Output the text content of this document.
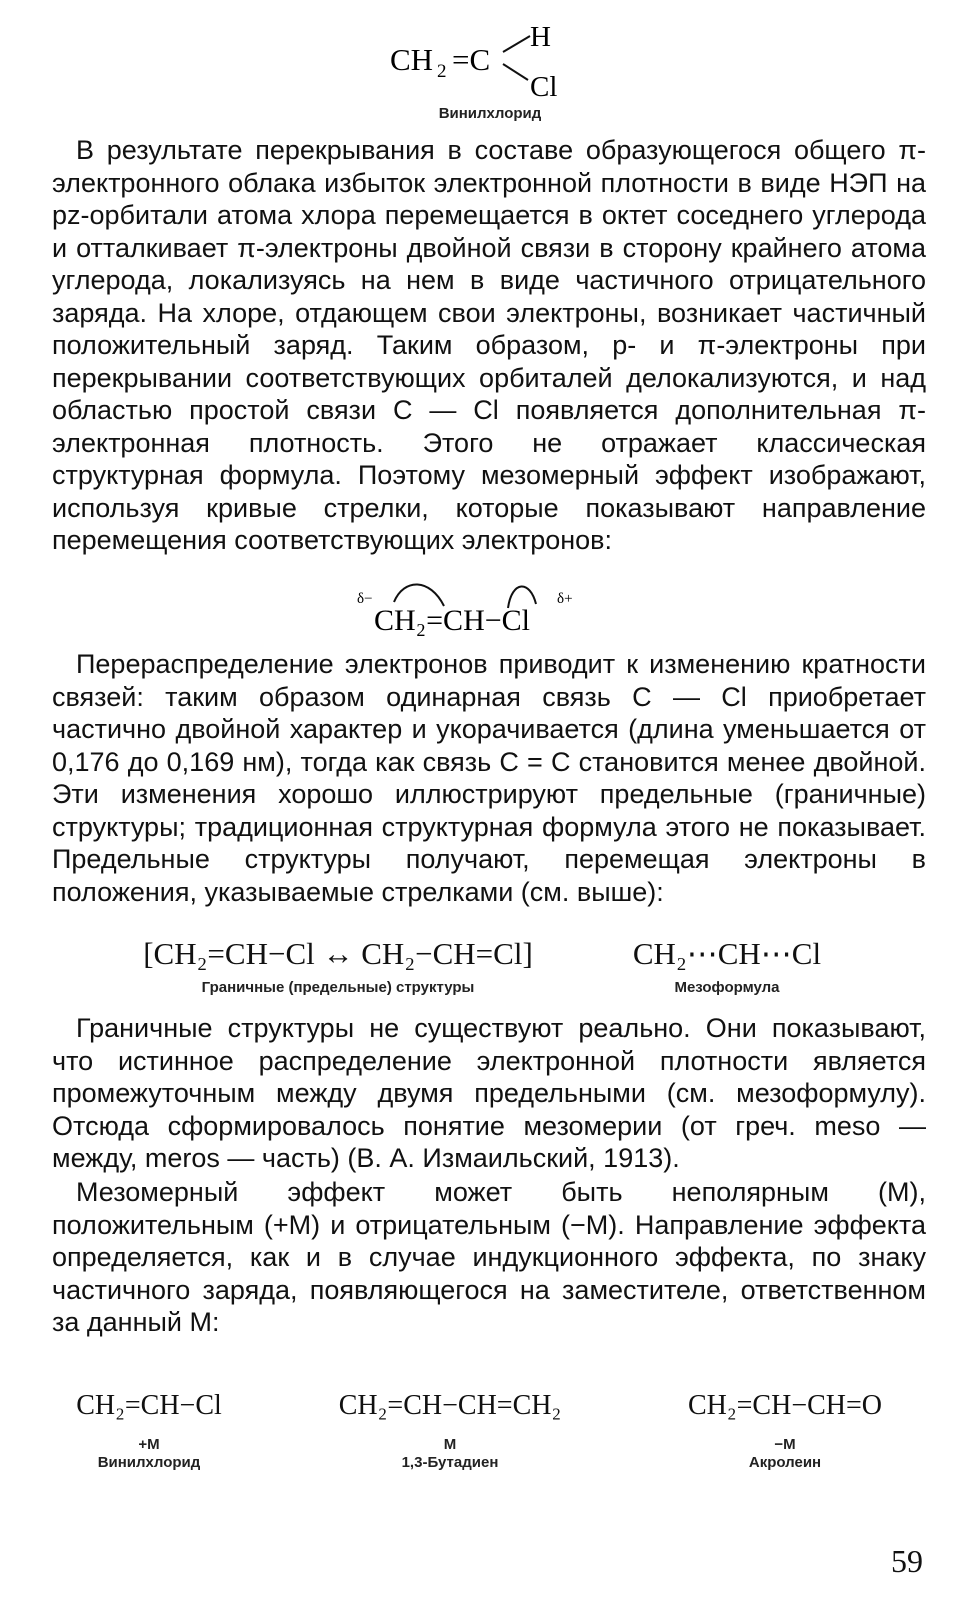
CH 2 =C
H
Cl
Винилхлорид

В результате перекрывания в составе образующегося общего π-электронного облака избыток электронной плотности в виде НЭП на pz-орбитали атома хлора перемещается в октет соседнего углерода и отталкивает π-электроны двойной связи в сторону крайнего атома углерода, локализуясь на нем в виде частичного отрицательного заряда. На хлоре, отдающем свои электроны, возникает частичный положительный заряд. Таким образом, p- и π-электроны при перекрывании соответствующих орбиталей делокализуются, и над областью простой связи C — Cl появляется дополнительная π-электронная плотность. Этого не отражает классическая структурная формула. Поэтому мезомерный эффект изображают, используя кривые стрелки, которые показывают направление перемещения соответствующих электронов:

δ−	δ+
CH₂=CH−Cl

Перераспределение электронов приводит к изменению кратности связей: таким образом одинарная связь C — Cl приобретает частично двойной характер и укорачивается (длина уменьшается от 0,176 до 0,169 нм), тогда как связь C = C становится менее двойной. Эти изменения хорошо иллюстрируют предельные (граничные) структуры; традиционная структурная формула этого не показывает. Предельные структуры получают, перемещая электроны в положения, указываемые стрелками (см. выше):

[CH₂=CH−Cl ↔ CH₂−CH=Cl]
Граничные (предельные) структуры
CH₂⋯CH⋯Cl
Мезоформула

Граничные структуры не существуют реально. Они показывают, что истинное распределение электронной плотности является промежуточным между двумя предельными (см. мезоформулу). Отсюда сформировалось понятие мезомерии (от греч. meso — между, meros — часть) (В. А. Измаильский, 1913).

Мезомерный эффект может быть неполярным (M), положительным (+M) и отрицательным (−M). Направление эффекта определяется, как и в случае индукционного эффекта, по знаку частичного заряда, появляющегося на заместителе, ответственном за данный M:

CH₂=CH−Cl
+M
Винилхлорид
CH₂=CH−CH=CH₂
M
1,3-Бутадиен
CH₂=CH−CH=O
−M
Акролеин
59
